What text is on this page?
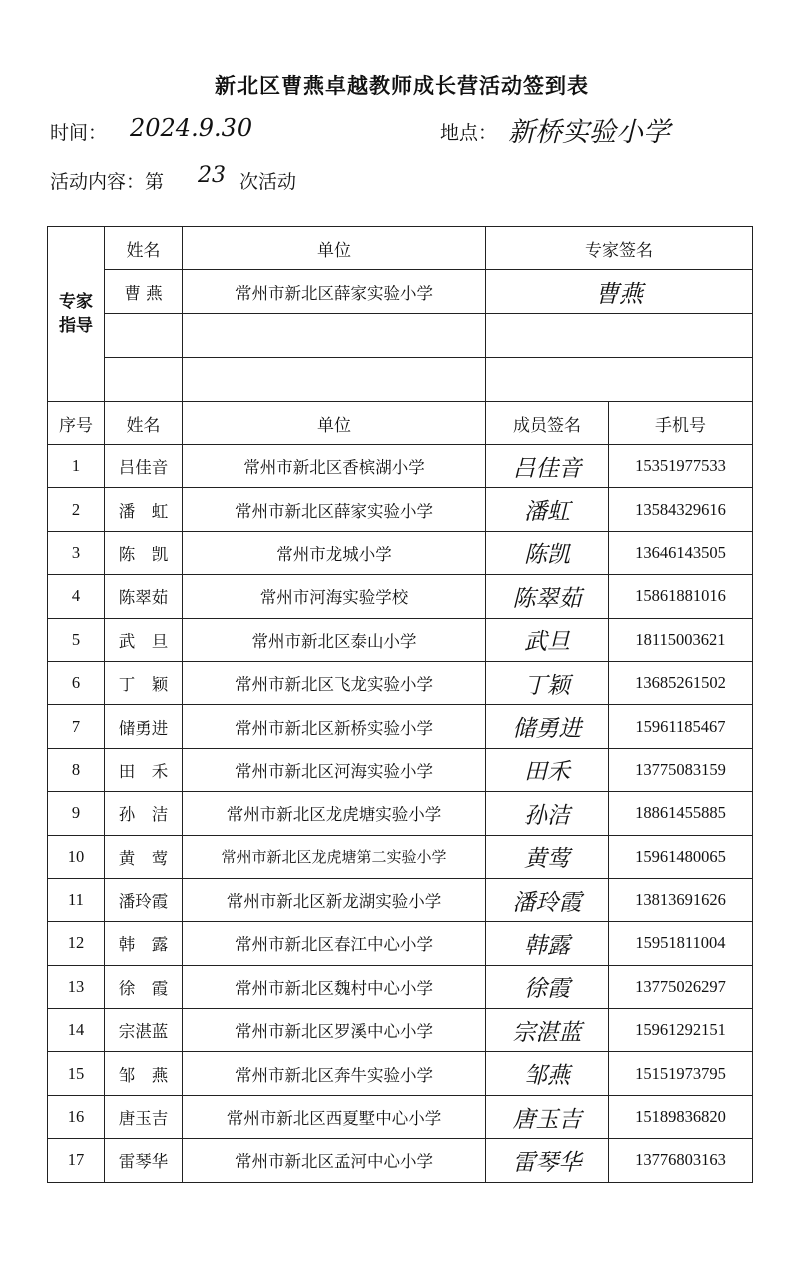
新北区曹燕卓越教师成长营活动签到表
时间： 2024.9.30	地点： 新桥实验小学
活动内容：第 23 次活动
专家指导	姓名	单位	专家签名	
	曹 燕	常州市新北区薛家实验小学	曹燕	

序号	姓名	单位	成员签名	手机号
1	吕佳音	常州市新北区香槟湖小学	吕佳音	15351977533
2	潘　虹	常州市新北区薛家实验小学	潘虹	13584329616
3	陈　凯	常州市龙城小学	陈凯	13646143505
4	陈翠茹	常州市河海实验学校	陈翠茹	15861881016
5	武　旦	常州市新北区泰山小学	武旦	18115003621
6	丁　颖	常州市新北区飞龙实验小学	丁颖	13685261502
7	储勇进	常州市新北区新桥实验小学	储勇进	15961185467
8	田　禾	常州市新北区河海实验小学	田禾	13775083159
9	孙　洁	常州市新北区龙虎塘实验小学	孙洁	18861455885
10	黄　莺	常州市新北区龙虎塘第二实验小学	黄莺	15961480065
11	潘玲霞	常州市新北区新龙湖实验小学	潘玲霞	13813691626
12	韩　露	常州市新北区春江中心小学	韩露	15951811004
13	徐　霞	常州市新北区魏村中心小学	徐霞	13775026297
14	宗湛蓝	常州市新北区罗溪中心小学	宗湛蓝	15961292151
15	邹　燕	常州市新北区奔牛实验小学	邹燕	15151973795
16	唐玉吉	常州市新北区西夏墅中心小学	唐玉吉	15189836820
17	雷琴华	常州市新北区孟河中心小学	雷琴华	13776803163
